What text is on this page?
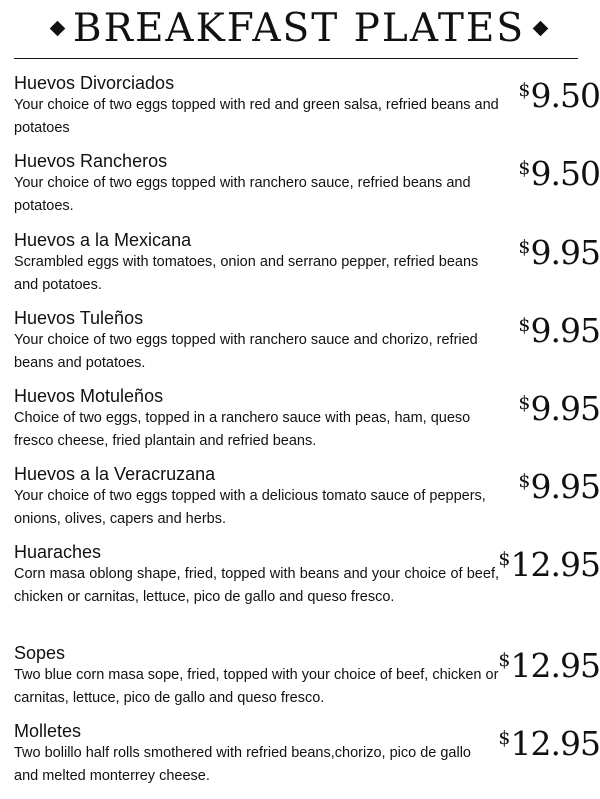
BREAKFAST PLATES

Huevos Divorciados

Your choice of two eggs topped with red and green salsa, refried beans and potatoes

$9.50

Huevos Rancheros

Your choice of two eggs topped with ranchero sauce, refried beans and potatoes.

$9.50

Huevos a la Mexicana

Scrambled eggs with tomatoes, onion and serrano pepper, refried beans and potatoes.

$9.95

Huevos Tuleños

Your choice of two eggs topped with ranchero sauce and chorizo, refried beans and potatoes.

$9.95

Huevos Motuleños

Choice of two eggs, topped in a ranchero sauce with peas, ham, queso fresco cheese, fried plantain and refried beans.

$9.95

Huevos a la Veracruzana

Your choice of two eggs topped with a delicious tomato sauce of peppers, onions, olives, capers and herbs.

$9.95

Huaraches

Corn masa oblong shape, fried, topped with beans and your choice of beef, chicken or carnitas, lettuce, pico de gallo and queso fresco.

$12.95

Sopes

Two blue corn masa sope, fried, topped with your choice of beef, chicken or carnitas, lettuce, pico de gallo and queso fresco.

$12.95

Molletes

Two bolillo half rolls smothered with refried beans,chorizo, pico de gallo and melted monterrey cheese.

$12.95
